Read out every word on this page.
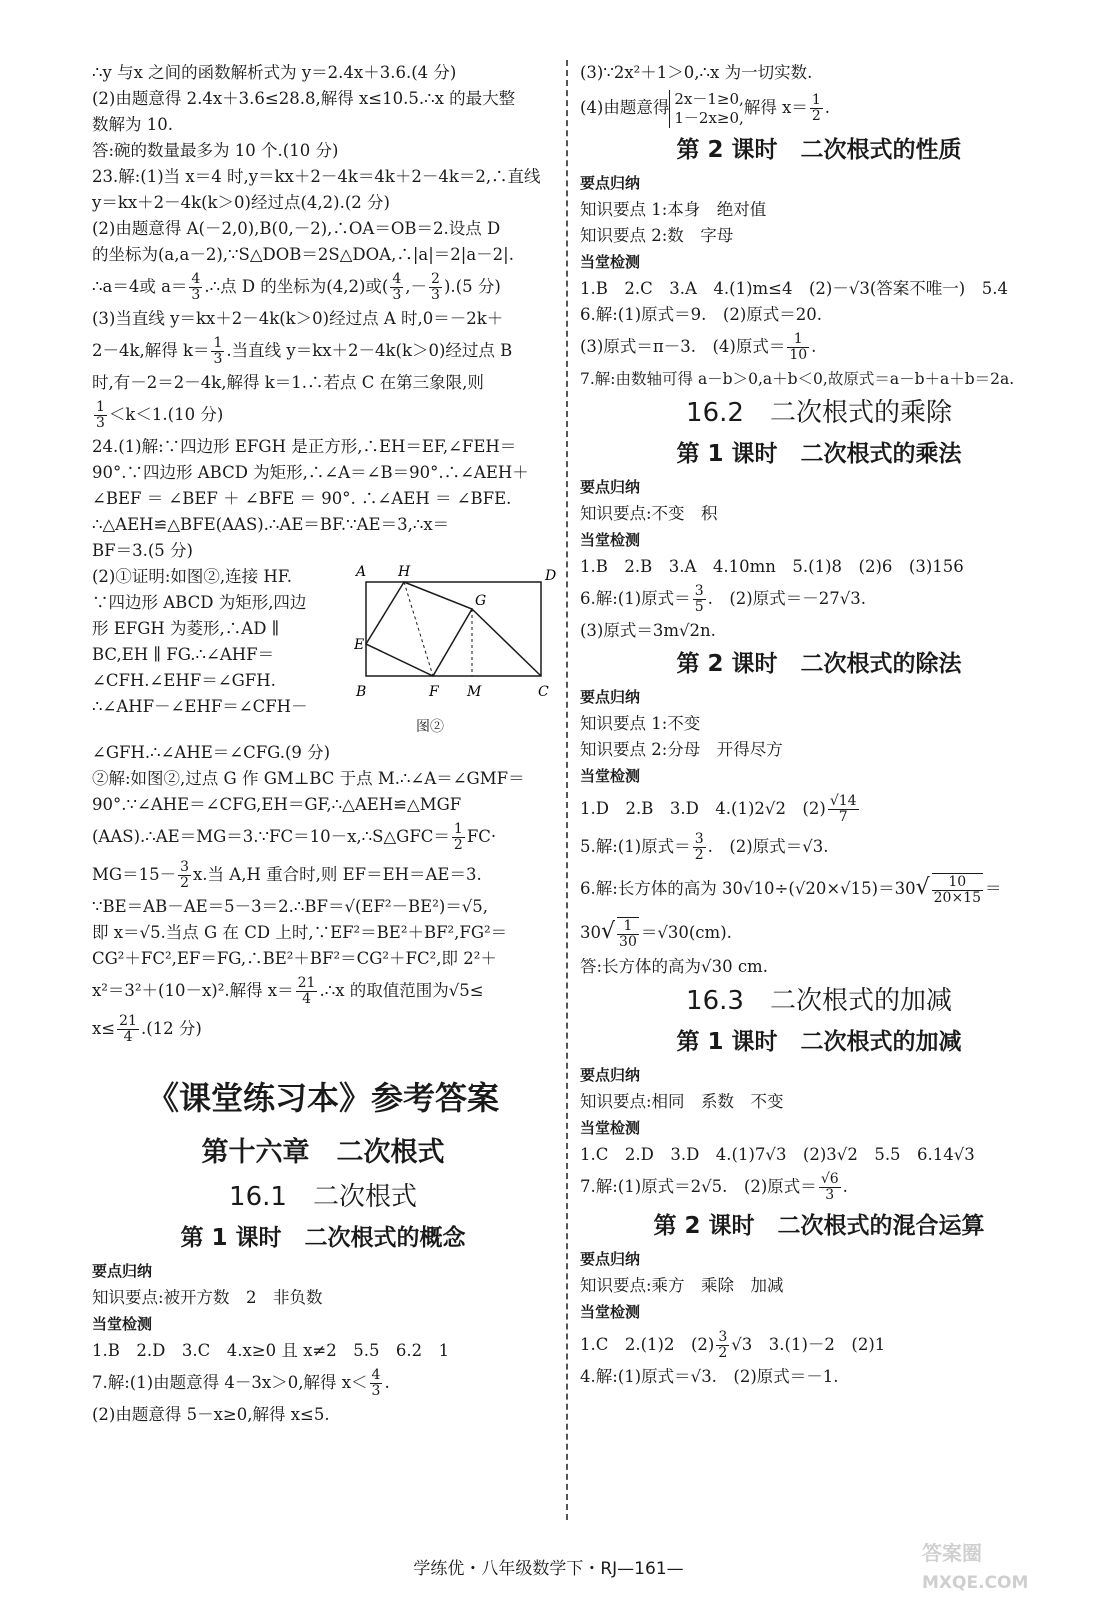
∴y 与x 之间的函数解析式为 y＝2.4x＋3.6.(4 分)
(2)由题意得 2.4x＋3.6≤28.8,解得 x≤10.5.∴x 的最大整
数解为 10.
答:碗的数量最多为 10 个.(10 分)
23.解:(1)当 x＝4 时,y＝kx＋2－4k＝4k＋2－4k＝2,∴直线
y＝kx＋2－4k(k＞0)经过点(4,2).(2 分)
(2)由题意得 A(－2,0),B(0,－2),∴OA＝OB＝2.设点 D
的坐标为(a,a－2),∵S△DOB＝2S△DOA,∴|a|＝2|a－2|.
∴a＝4或 $a= \frac{4}{3}$ .∴点 D 的坐标为(4,2)或( $\frac{4}{3}$ ,－ $\frac{2}{3} ).(5$ 分)
(3)当直线 y＝kx＋2－4k(k＞0)经过点 A 时,0＝－2k＋
2－4k,解得 $k= \frac{1}{3}$ .当直线 y＝kx＋2－4k(k＞0)经过点 B
时,有－2＝2－4k,解得 k＝1.∴若点 C 在第三象限,则
$\frac{1}{3} <k<1.(10$ 分)
24.(1)解:∵四边形 EFGH 是正方形,∴EH＝EF,∠FEH＝
90°.∵四边形 ABCD 为矩形,∴∠A＝∠B＝90°.∴∠AEH＋
∠BEF ＝ ∠BEF ＋ ∠BFE ＝ 90°. ∴∠AEH ＝ ∠BFE.
∴△AEH≌△BFE(AAS).∴AE＝BF.∵AE＝3,∴x＝
BF＝3.(5 分)
(2)①证明:如图②,连接 HF.
∵四边形 ABCD 为矩形,四边
形 EFGH 为菱形,∴AD ∥
BC,EH ∥ FG.∴∠AHF＝
∠CFH.∠EHF＝∠GFH.
∴∠AHF－∠EHF＝∠CFH－
A H	D
G
E
B	F M	C
图②
∠GFH.∴∠AHE＝∠CFG.(9 分)
②解:如图②,过点 G 作 GM⊥BC 于点 M.∴∠A＝∠GMF＝
90°.∵∠AHE＝∠CFG,EH＝GF,∴△AEH≌△MGF
(AAS).∴AE＝MG＝3.∵FC＝10－x,∴S△GFC＝ $\frac{1}{2} FC\cdot$
$MG=15- \frac{3}{2} x$.当 A,H 重合时,则 EF＝EH＝AE＝3.
∵BE＝AB－AE＝5－3＝2.∴BF＝√(EF²－BE²)＝√5,
即 x＝√5.当点 G 在 CD 上时,∵EF²＝BE²＋BF²,FG²＝
CG²＋FC²,EF＝FG,∴BE²＋BF²＝CG²＋FC²,即 2²＋
x²＝3²＋(10－x)².解得 $x= \frac{21}{4}$ .∴x 的取值范围为√5≤
$x\le \frac{21}{4} .(12$ 分)
《课堂练习本》参考答案
第十六章　二次根式
16.1　二次根式
第 1 课时　二次根式的概念
要点归纳
知识要点:被开方数　2　非负数
当堂检测
1.B　2.D　3.C　4.x≥0 且 x≠2　5.5　6.2　1
7.解:(1)由题意得 4－3x＞0,解得 $x< \frac{4}{3}$ .
(2)由题意得 5－x≥0,解得 x≤5.
(3)∵2x²＋1＞0,∴x 为一切实数.
(4)由题意得 2x－1≥0,
1－2x≥0,
解得 $x= \frac{1}{2}$ .
第 2 课时　二次根式的性质
要点归纳
知识要点 1:本身　绝对值
知识要点 2:数　字母
当堂检测
1.B　2.C　3.A　4.(1)m≤4　(2)－√3(答案不唯一)　5.4
6.解:(1)原式＝9.　(2)原式＝20.
(3)原式＝π－3.　(4)原式＝ $\frac{1}{10}$ .
7.解:由数轴可得 a－b＞0,a＋b＜0,故原式＝a－b＋a＋b＝2a.
16.2　二次根式的乘除
第 1 课时　二次根式的乘法
要点归纳
知识要点:不变　积
当堂检测
1.B　2.B　3.A　4.10mn　5.(1)8　(2)6　(3)156
6.解:(1)原式＝ $\frac{3}{5}$ .　(2)原式＝－27√3.
(3)原式＝3m√2n.
第 2 课时　二次根式的除法
要点归纳
知识要点 1:不变
知识要点 2:分母　开得尽方
当堂检测
1.D　2.B　3.D　4.(1)2√2　$(2) \frac{√14}{7}$
5.解:(1)原式＝ $\frac{3}{2}$ .　(2)原式＝√3.
6.解:长方体的高为 $30√10\div(√20\times√15)=30√ \frac{10}{20\times 15}$ ＝
$30√ \frac{1}{30} =√30(cm)$.
答:长方体的高为√30 cm.
16.3　二次根式的加减
第 1 课时　二次根式的加减
要点归纳
知识要点:相同　系数　不变
当堂检测
1.C　2.D　3.D　4.(1)7√3　(2)3√2　5.5　6.14√3
7.解:(1)原式＝2√5.　(2)原式＝ $\frac{√6}{3}$ .
第 2 课时　二次根式的混合运算
要点归纳
知识要点:乘方　乘除　加减
当堂检测
1.C　2.(1)2　$(2) \frac{3}{2} √3$　3.(1)－2　(2)1
4.解:(1)原式＝√3.　(2)原式＝－1.
学练优・八年级数学下・RJ—161—
答案圈
MXQE.COM
